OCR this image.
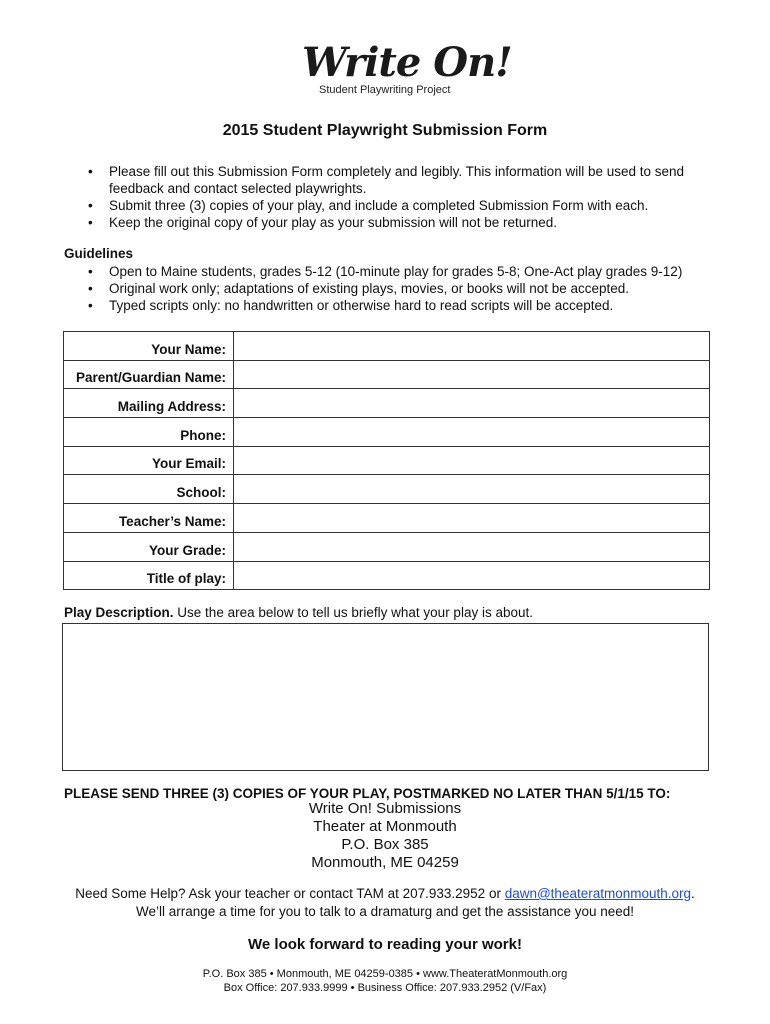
Write On!
Student Playwriting Project
2015 Student Playwright Submission Form
• Please fill out this Submission Form completely and legibly. This information will be used to send feedback and contact selected playwrights.
• Submit three (3) copies of your play, and include a completed Submission Form with each.
• Keep the original copy of your play as your submission will not be returned.
Guidelines
• Open to Maine students, grades 5-12 (10-minute play for grades 5-8; One-Act play grades 9-12)
• Original work only; adaptations of existing plays, movies, or books will not be accepted.
• Typed scripts only: no handwritten or otherwise hard to read scripts will be accepted.
Your Name:	
Parent/Guardian Name:	
Mailing Address:	
Phone:	
Your Email:	
School:	
Teacher’s Name:	
Your Grade:	
Title of play:	
Play Description. Use the area below to tell us briefly what your play is about.
PLEASE SEND THREE (3) COPIES OF YOUR PLAY, POSTMARKED NO LATER THAN 5/1/15 TO:
Write On! Submissions
Theater at Monmouth
P.O. Box 385
Monmouth, ME 04259
Need Some Help? Ask your teacher or contact TAM at 207.933.2952 or dawn@theateratmonmouth.org.
We’ll arrange a time for you to talk to a dramaturg and get the assistance you need!
We look forward to reading your work!
P.O. Box 385 • Monmouth, ME 04259-0385 • www.TheateratMonmouth.org
Box Office: 207.933.9999 • Business Office: 207.933.2952 (V/Fax)
